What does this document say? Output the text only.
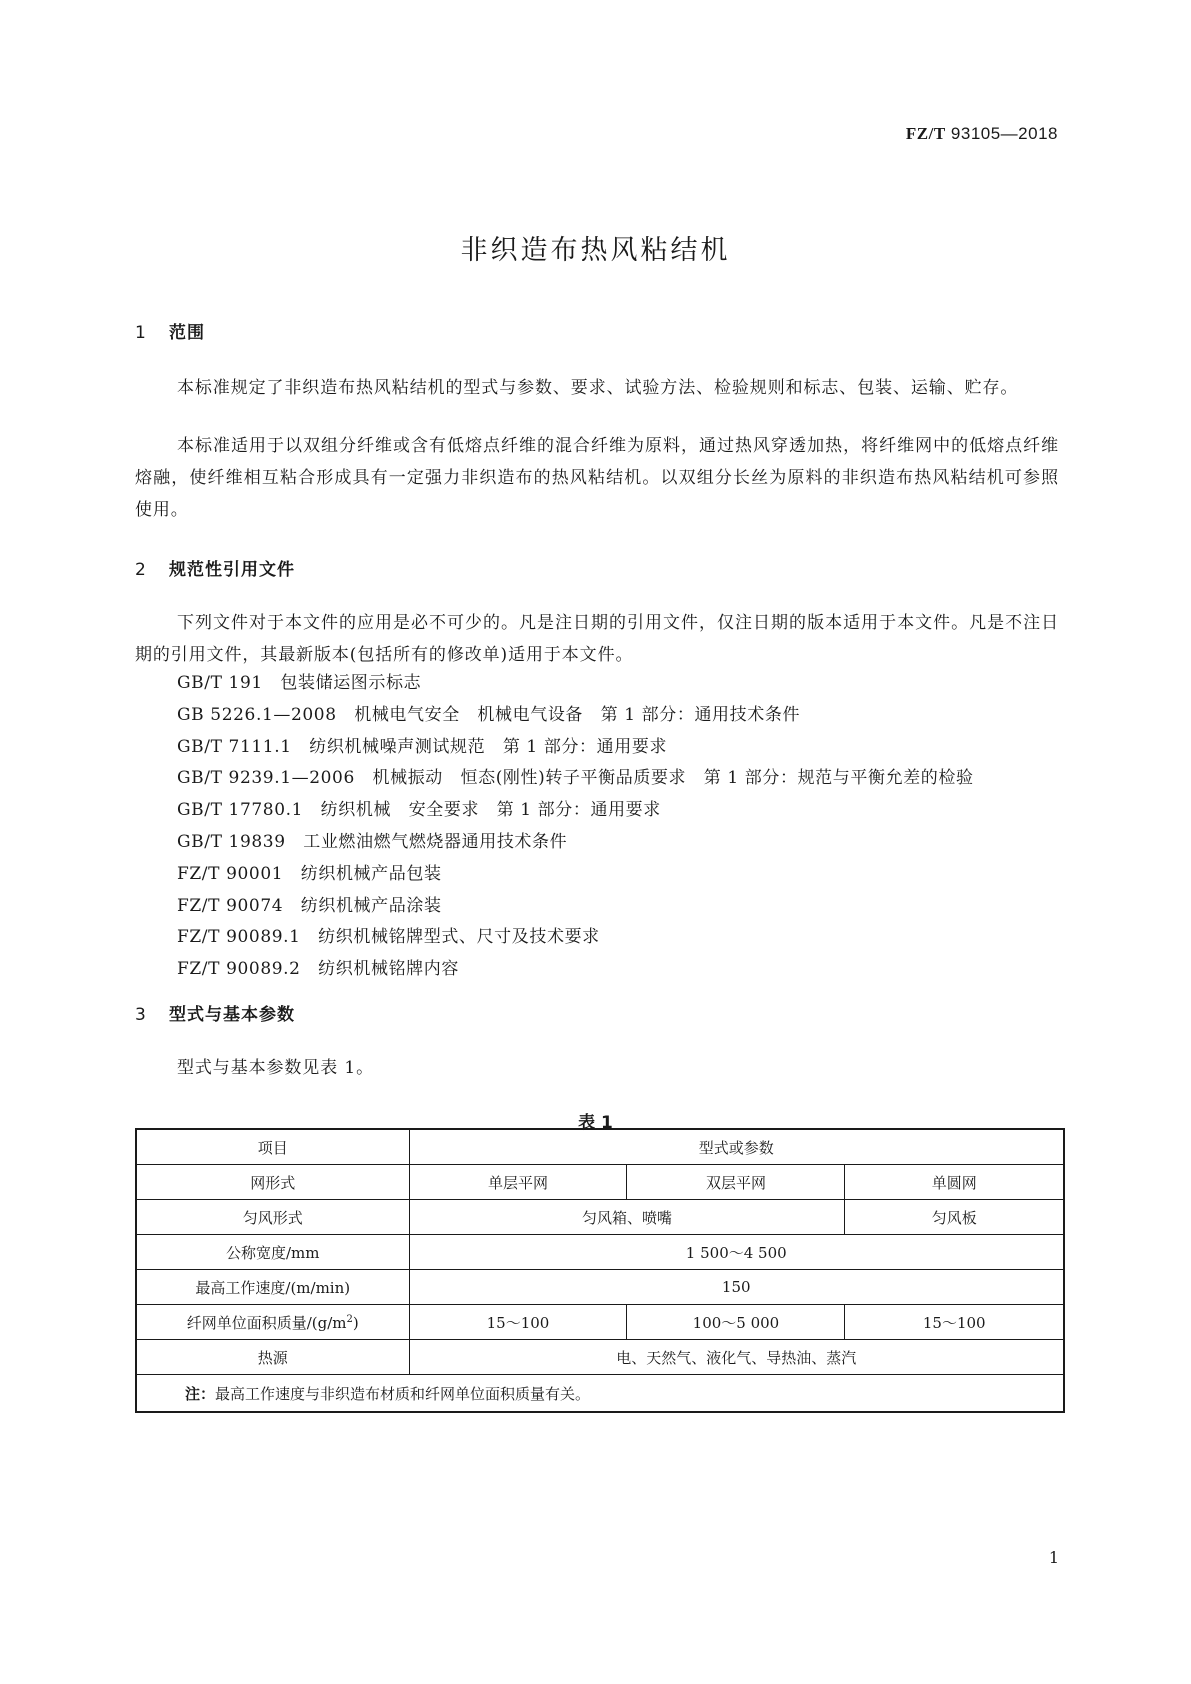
FZ/T 93105—2018
非织造布热风粘结机
1 范围
本标准规定了非织造布热风粘结机的型式与参数、要求、试验方法、检验规则和标志、包装、运输、贮存。
本标准适用于以双组分纤维或含有低熔点纤维的混合纤维为原料，通过热风穿透加热，将纤维网中的低熔点纤维熔融，使纤维相互粘合形成具有一定强力非织造布的热风粘结机。以双组分长丝为原料的非织造布热风粘结机可参照使用。
2 规范性引用文件
下列文件对于本文件的应用是必不可少的。凡是注日期的引用文件，仅注日期的版本适用于本文件。凡是不注日期的引用文件，其最新版本(包括所有的修改单)适用于本文件。
GB/T 191　包装储运图示标志
GB 5226.1—2008　机械电气安全　机械电气设备　第 1 部分：通用技术条件
GB/T 7111.1　纺织机械噪声测试规范　第 1 部分：通用要求
GB/T 9239.1—2006　机械振动　恒态(刚性)转子平衡品质要求　第 1 部分：规范与平衡允差的检验
GB/T 17780.1　纺织机械　安全要求　第 1 部分：通用要求
GB/T 19839　工业燃油燃气燃烧器通用技术条件
FZ/T 90001　纺织机械产品包装
FZ/T 90074　纺织机械产品涂装
FZ/T 90089.1　纺织机械铭牌型式、尺寸及技术要求
FZ/T 90089.2　纺织机械铭牌内容
3 型式与基本参数
型式与基本参数见表 1。
表 1
项目	型式或参数		
网形式	单层平网	双层平网	单圆网
匀风形式	匀风箱、喷嘴		匀风板
公称宽度/mm	1 500～4 500		
最高工作速度/(m/min)	150		
纤网单位面积质量$/(g/m^2)$	15～100	100～5 000	15～100
热源	电、天然气、液化气、导热油、蒸汽		
注：最高工作速度与非织造布材质和纤网单位面积质量有关。			
1
